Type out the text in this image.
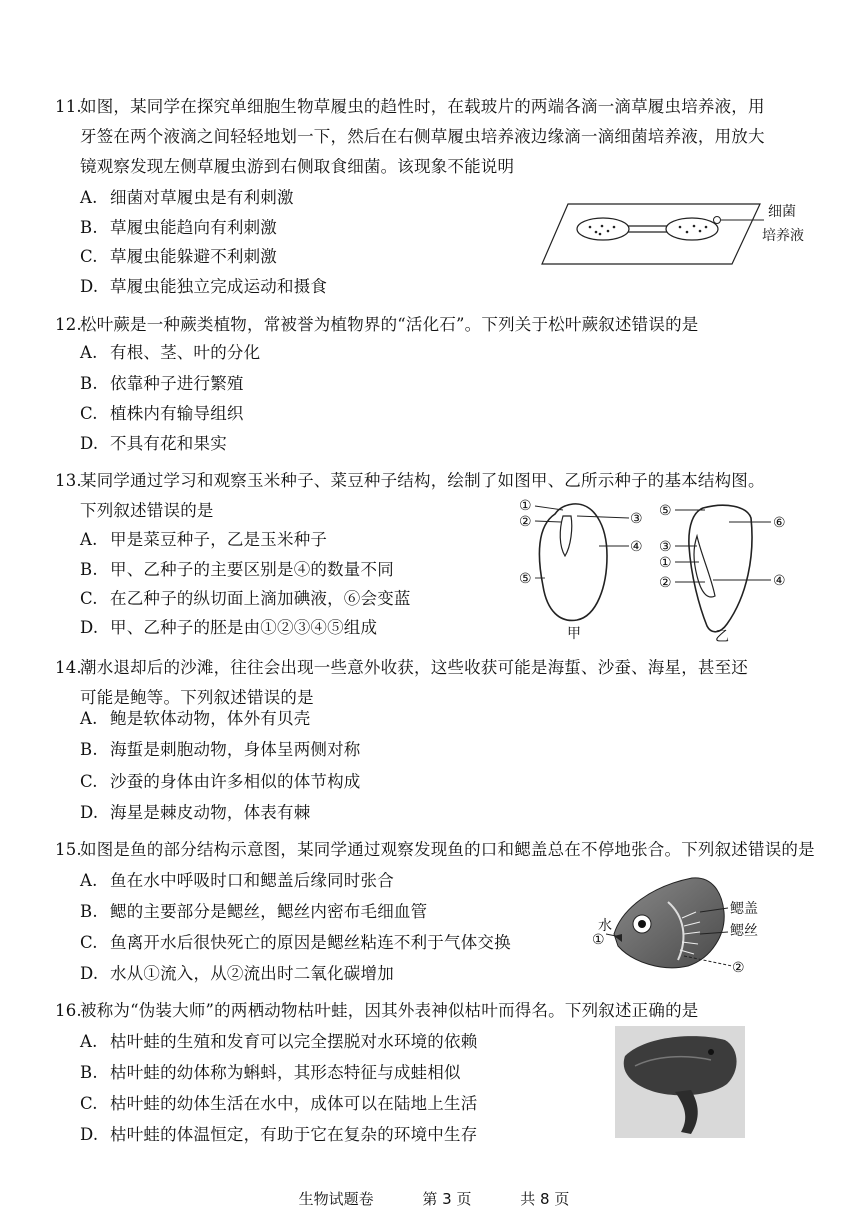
11.
如图，某同学在探究单细胞生物草履虫的趋性时，在载玻片的两端各滴一滴草履虫培养液，用
牙签在两个液滴之间轻轻地划一下，然后在右侧草履虫培养液边缘滴一滴细菌培养液，用放大
镜观察发现左侧草履虫游到右侧取食细菌。该现象不能说明
A. 细菌对草履虫是有利刺激
B. 草履虫能趋向有利刺激
C. 草履虫能躲避不利刺激
D. 草履虫能独立完成运动和摄食
细菌
培养液
12.
松叶蕨是一种蕨类植物，常被誉为植物界的“活化石”。下列关于松叶蕨叙述错误的是
A. 有根、茎、叶的分化
B. 依靠种子进行繁殖
C. 植株内有输导组织
D. 不具有花和果实
13.
某同学通过学习和观察玉米种子、菜豆种子结构，绘制了如图甲、乙所示种子的基本结构图。
下列叙述错误的是
A. 甲是菜豆种子，乙是玉米种子
B. 甲、乙种子的主要区别是④的数量不同
C. 在乙种子的纵切面上滴加碘液，⑥会变蓝
D. 甲、乙种子的胚是由①②③④⑤组成
①
②	③
④
⑤
甲
⑤
⑥
③
①
②	④
乙
14.
潮水退却后的沙滩，往往会出现一些意外收获，这些收获可能是海蜇、沙蚕、海星，甚至还
可能是鲍等。下列叙述错误的是
A. 鲍是软体动物，体外有贝壳
B. 海蜇是刺胞动物，身体呈两侧对称
C. 沙蚕的身体由许多相似的体节构成
D. 海星是棘皮动物，体表有棘
15.
如图是鱼的部分结构示意图，某同学通过观察发现鱼的口和鳃盖总在不停地张合。下列叙述错误的是
A. 鱼在水中呼吸时口和鳃盖后缘同时张合
B. 鳃的主要部分是鳃丝，鳃丝内密布毛细血管
C. 鱼离开水后很快死亡的原因是鳃丝粘连不利于气体交换
D. 水从①流入，从②流出时二氧化碳增加
水
①
鳃盖
鳃丝
②
16.
被称为“伪装大师”的两栖动物枯叶蛙，因其外表神似枯叶而得名。下列叙述正确的是
A. 枯叶蛙的生殖和发育可以完全摆脱对水环境的依赖
B. 枯叶蛙的幼体称为蝌蚪，其形态特征与成蛙相似
C. 枯叶蛙的幼体生活在水中，成体可以在陆地上生活
D. 枯叶蛙的体温恒定，有助于它在复杂的环境中生存
生物试题卷	第 3 页	共 8 页
